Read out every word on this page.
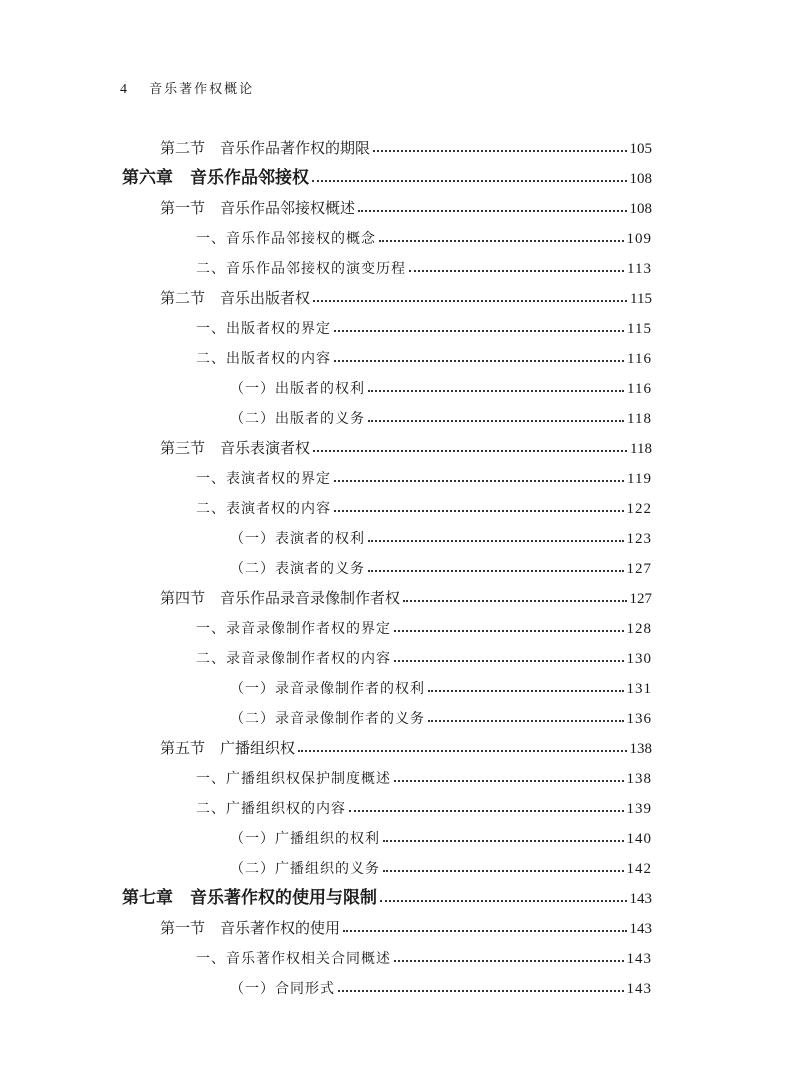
4 音乐著作权概论
第二节　音乐作品著作权的期限	105
第六章　音乐作品邻接权	108
第一节　音乐作品邻接权概述	108
一、音乐作品邻接权的概念	109
二、音乐作品邻接权的演变历程	113
第二节　音乐出版者权	115
一、出版者权的界定	115
二、出版者权的内容	116
（一）出版者的权利	116
（二）出版者的义务	118
第三节　音乐表演者权	118
一、表演者权的界定	119
二、表演者权的内容	122
（一）表演者的权利	123
（二）表演者的义务	127
第四节　音乐作品录音录像制作者权	127
一、录音录像制作者权的界定	128
二、录音录像制作者权的内容	130
（一）录音录像制作者的权利	131
（二）录音录像制作者的义务	136
第五节　广播组织权	138
一、广播组织权保护制度概述	138
二、广播组织权的内容	139
（一）广播组织的权利	140
（二）广播组织的义务	142
第七章　音乐著作权的使用与限制	143
第一节　音乐著作权的使用	143
一、音乐著作权相关合同概述	143
（一）合同形式	143
